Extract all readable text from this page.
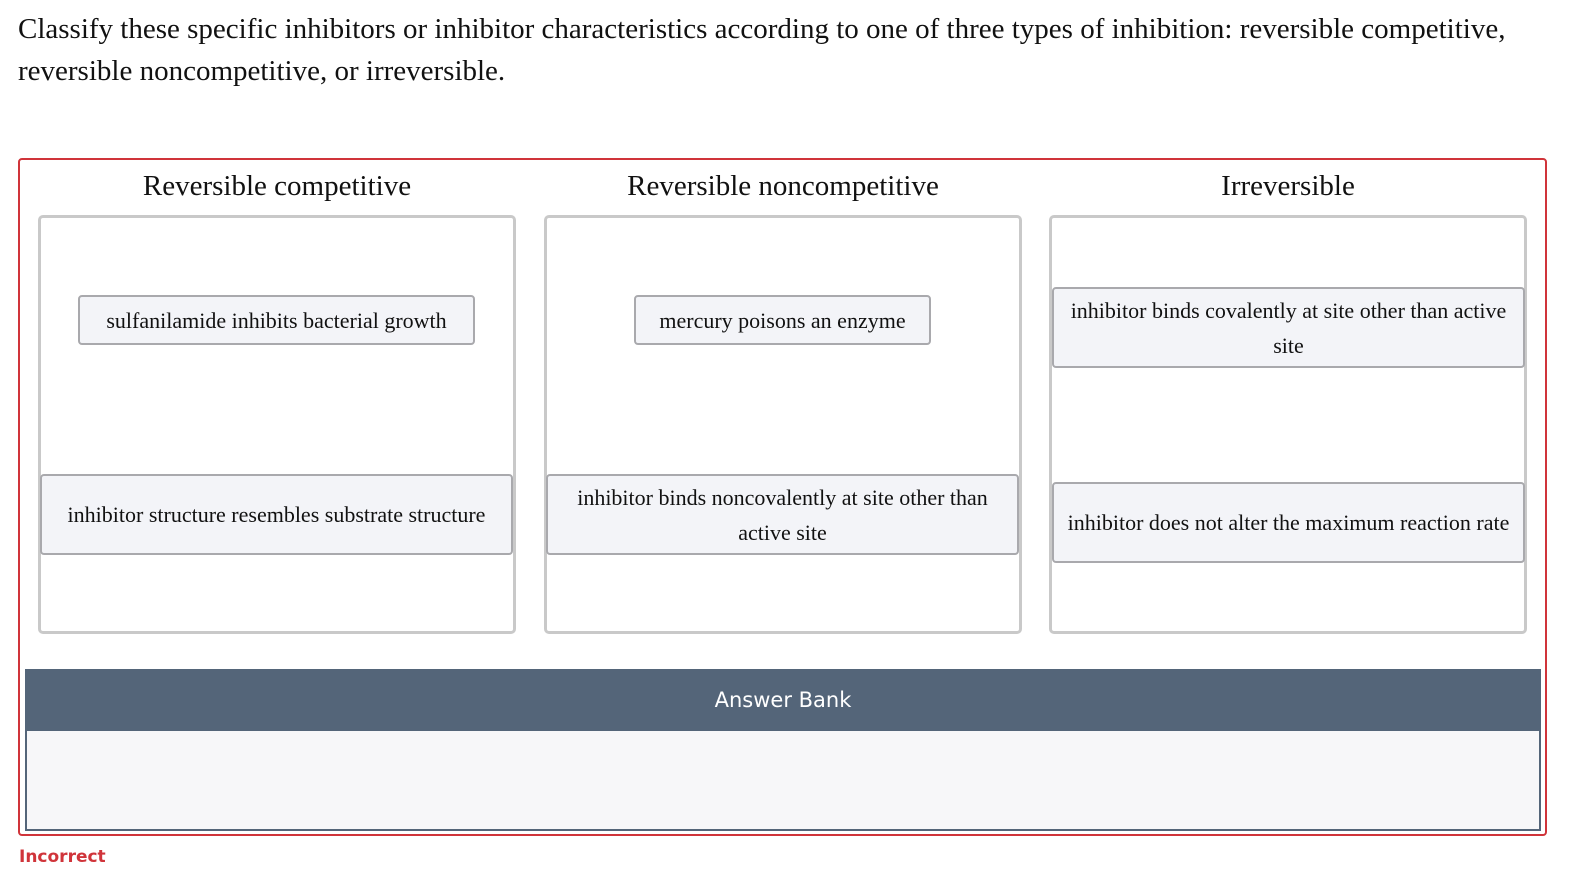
Classify these specific inhibitors or inhibitor characteristics according to one of three types of inhibition: reversible competitive, reversible noncompetitive, or irreversible.

Reversible competitive
sulfanilamide inhibits bacterial growth
inhibitor structure resembles substrate structure
Reversible noncompetitive
mercury poisons an enzyme
inhibitor binds noncovalently at site other than active site
Irreversible
inhibitor binds covalently at site other than active site
inhibitor does not alter the maximum reaction rate
Answer Bank
Incorrect
